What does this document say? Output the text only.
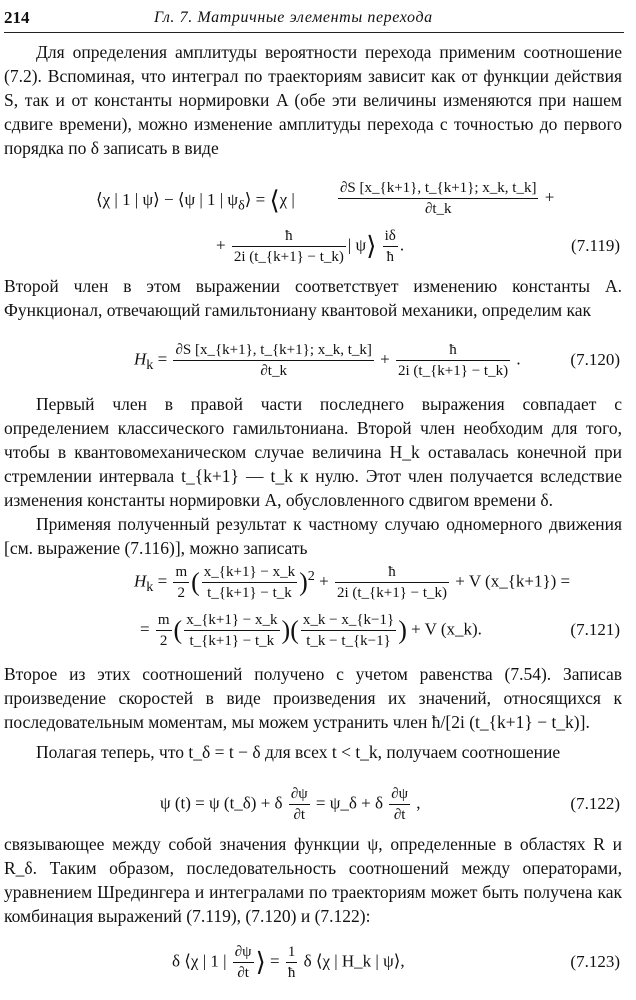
214	Гл. 7. Матричные элементы перехода

Для определения амплитуды вероятности перехода применим соотношение (7.2). Вспоминая, что интеграл по траекториям зависит как от функции действия S, так и от константы нормировки A (обе эти величины изменяются при нашем сдвиге времени), можно изменение амплитуды перехода с точностью до первого порядка по δ записать в виде

⟨χ | 1 | ψ⟩ − ⟨ψ | 1 | $\psi_\delta⟩$ = ⟨χ |	$\frac{\partial S [x\_\{k+1\}, t\_\{k+1\}; x\_k, t\_k]}{\partial t\_k}$ +
+ $\frac{ħ}{2i (t\_\{k+1\} - t\_k)}$ | ψ⟩ $\frac{i\delta}{ħ}$ .	(7.119)

Второй член в этом выражении соответствует изменению константы A. Функционал, отвечающий гамильтониану квантовой механики, определим как

$H_k = \frac{\partial S [x\_\{k+1\}, t\_\{k+1\}; x\_k, t\_k]}{\partial t\_k} + \frac{ħ}{2i (t\_\{k+1\} - t\_k)}$ .	(7.120)

Первый член в правой части последнего выражения совпадает с определением классического гамильтониана. Второй член необходим для того, чтобы в квантовомеханическом случае величина H_k оставалась конечной при стремлении интервала t_{k+1} — t_k к нулю. Этот член получается вследствие изменения константы нормировки A, обусловленного сдвигом времени δ.

Применяя полученный результат к частному случаю одномерного движения [см. выражение (7.116)], можно записать

$H_k = \frac{m}{2}$ ( $\frac{x\_\{k+1\} - x\_k}{t\_\{k+1\} - t\_k} )^2 + \frac{ħ}{2i (t\_\{k+1\} - t\_k)} + V$ (x_{k+1}) =
= $\frac{m}{2}$ ( $\frac{x\_\{k+1\} - x\_k}{t\_\{k+1\} - t\_k}$ )( $\frac{x\_k - x\_\{k-1\}}{t\_k - t\_\{k-1\}}$ ) + V (x_k).	(7.121)

Второе из этих соотношений получено с учетом равенства (7.54). Записав произведение скоростей в виде произведения их значений, относящихся к последовательным моментам, мы можем устранить член ħ/[2i (t_{k+1} − t_k)].

Полагая теперь, что t_δ = t − δ для всех t < t_k, получаем соотношение

ψ (t) = ψ (t_δ) + δ $\frac{\partial\psi}{\partial t}$ = ψ_δ + δ $\frac{\partial\psi}{\partial t}$ ,	(7.122)

связывающее между собой значения функции ψ, определенные в областях R и R_δ. Таким образом, последовательность соотношений между операторами, уравнением Шредингера и интегралами по траекториям может быть получена как комбинация выражений (7.119), (7.120) и (7.122):

δ ⟨χ | 1 | $\frac{\partial\psi}{\partial t}$ ⟩ = $\frac{1}{ħ}$ δ ⟨χ | H_k | ψ⟩,	(7.123)
